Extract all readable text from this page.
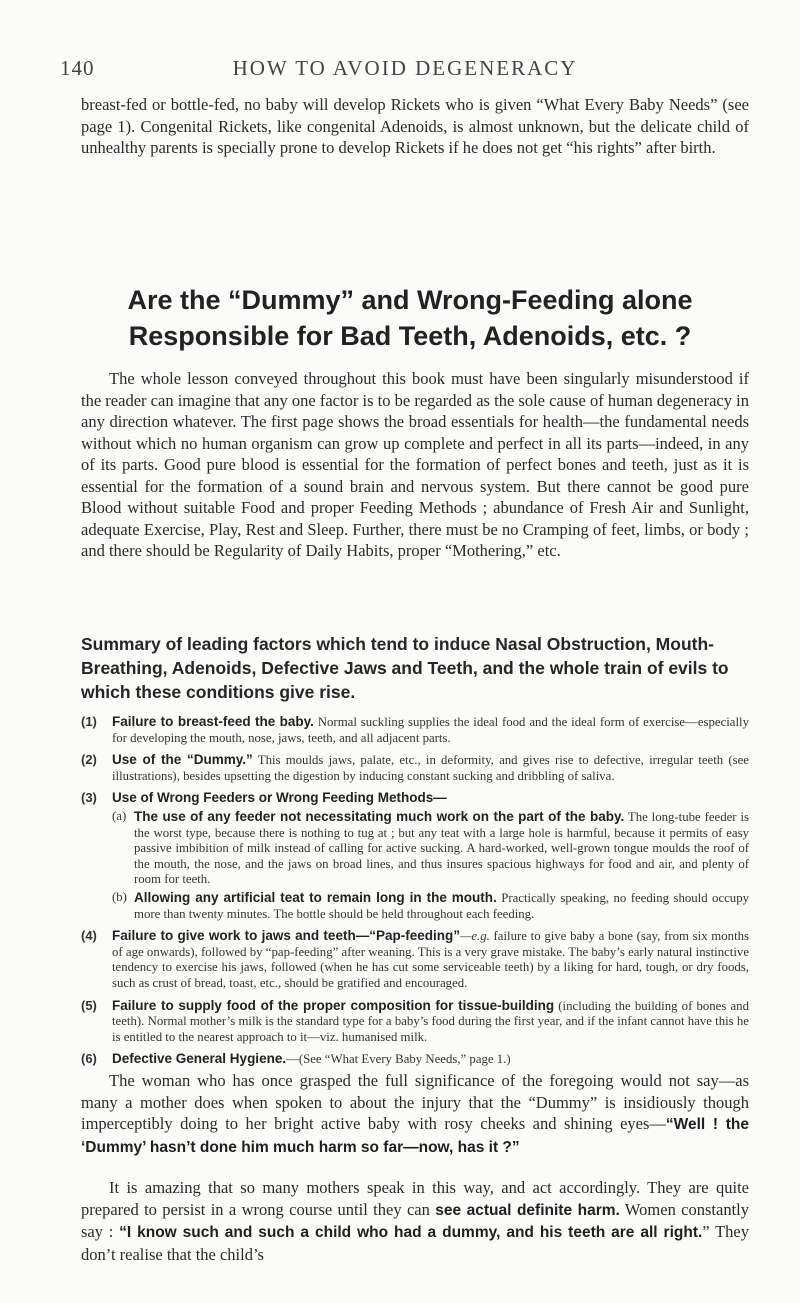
140	HOW TO AVOID DEGENERACY
breast-fed or bottle-fed, no baby will develop Rickets who is given “What Every Baby Needs” (see page 1). Congenital Rickets, like congenital Adenoids, is almost unknown, but the delicate child of unhealthy parents is specially prone to develop Rickets if he does not get “his rights” after birth.
Are the “Dummy” and Wrong-Feeding alone Responsible for Bad Teeth, Adenoids, etc. ?
The whole lesson conveyed throughout this book must have been singularly misunderstood if the reader can imagine that any one factor is to be regarded as the sole cause of human degeneracy in any direction whatever. The first page shows the broad essentials for health—the fundamental needs without which no human organism can grow up complete and perfect in all its parts—indeed, in any of its parts. Good pure blood is essential for the formation of perfect bones and teeth, just as it is essential for the formation of a sound brain and nervous system. But there cannot be good pure Blood without suitable Food and proper Feeding Methods ; abundance of Fresh Air and Sunlight, adequate Exercise, Play, Rest and Sleep. Further, there must be no Cramping of feet, limbs, or body ; and there should be Regularity of Daily Habits, proper “Mothering,” etc.
Summary of leading factors which tend to induce Nasal Obstruction, Mouth-Breathing, Adenoids, Defective Jaws and Teeth, and the whole train of evils to which these conditions give rise.
(1) Failure to breast-feed the baby. Normal suckling supplies the ideal food and the ideal form of exercise—especially for developing the mouth, nose, jaws, teeth, and all adjacent parts.
(2) Use of the “Dummy.” This moulds jaws, palate, etc., in deformity, and gives rise to defective, irregular teeth (see illustrations), besides upsetting the digestion by inducing constant sucking and dribbling of saliva.
(3) Use of Wrong Feeders or Wrong Feeding Methods—
(a) The use of any feeder not necessitating much work on the part of the baby. The long-tube feeder is the worst type, because there is nothing to tug at ; but any teat with a large hole is harmful, because it permits of easy passive imbibition of milk instead of calling for active sucking. A hard-worked, well-grown tongue moulds the roof of the mouth, the nose, and the jaws on broad lines, and thus insures spacious highways for food and air, and plenty of room for teeth.
(b) Allowing any artificial teat to remain long in the mouth. Practically speaking, no feeding should occupy more than twenty minutes. The bottle should be held throughout each feeding.
(4) Failure to give work to jaws and teeth—“Pap-feeding”—e.g. failure to give baby a bone (say, from six months of age onwards), followed by “pap-feeding” after weaning. This is a very grave mistake. The baby’s early natural instinctive tendency to exercise his jaws, followed (when he has cut some serviceable teeth) by a liking for hard, tough, or dry foods, such as crust of bread, toast, etc., should be gratified and encouraged.
(5) Failure to supply food of the proper composition for tissue-building (including the building of bones and teeth). Normal mother’s milk is the standard type for a baby’s food during the first year, and if the infant cannot have this he is entitled to the nearest approach to it—viz. humanised milk.
(6) Defective General Hygiene.—(See “What Every Baby Needs,” page 1.)
The woman who has once grasped the full significance of the foregoing would not say—as many a mother does when spoken to about the injury that the “Dummy” is insidiously though imperceptibly doing to her bright active baby with rosy cheeks and shining eyes—“Well ! the ‘Dummy’ hasn’t done him much harm so far—now, has it ?”
It is amazing that so many mothers speak in this way, and act accordingly. They are quite prepared to persist in a wrong course until they can see actual definite harm. Women constantly say : “I know such and such a child who had a dummy, and his teeth are all right.” They don’t realise that the child’s
